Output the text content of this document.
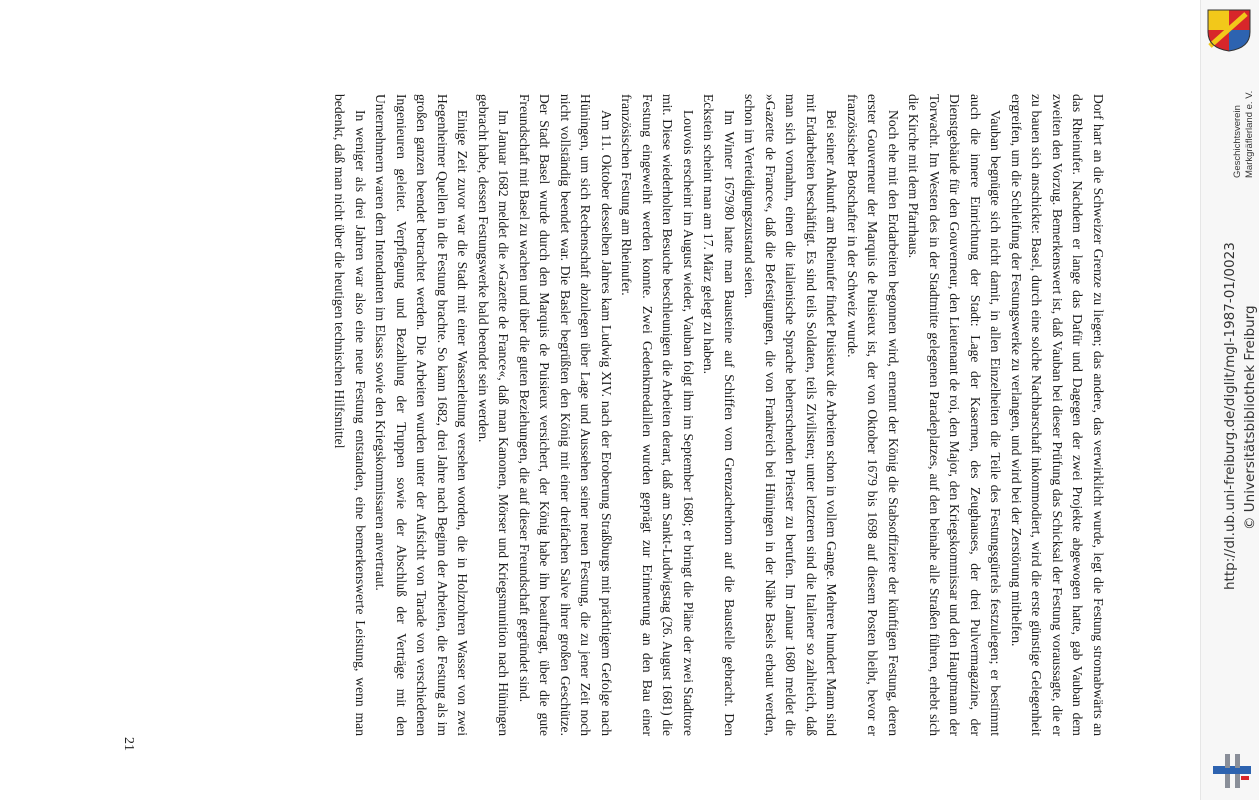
Dorf hart an die Schweizer Grenze zu liegen; das andere, das verwirklicht wurde, legt die Festung stromabwärts an das Rheinufer. Nachdem er lange das Dafür und Dagegen der zwei Projekte abgewogen hatte, gab Vauban dem zweiten den Vorzug. Bemerkenswert ist, daß Vauban bei dieser Prüfung das Schicksal der Festung voraussagte, die er zu bauen sich anschickte: Basel, durch eine solche Nachbarschaft inkommodiert, wird die erste günstige Gelegenheit ergreifen, um die Schleifung der Festungswerke zu verlangen, und wird bei der Zerstörung mithelfen.

Vauban begnügte sich nicht damit, in allen Einzelheiten die Teile des Festungsgürtels festzulegen; er bestimmt auch die innere Einrichtung der Stadt: Lage der Kasernen, des Zeughauses, der drei Pulvermagazine, der Dienstgebäude für den Gouverneur, den Lieutenant de roi, den Major, den Kriegskommissar und den Hauptmann der Torwacht. Im Westen des in der Stadtmitte gelegenen Paradeplatzes, auf den beinahe alle Straßen führen, erhebt sich die Kirche mit dem Pfarrhaus.

Noch ehe mit den Erdarbeiten begonnen wird, ernennt der König die Stabsoffiziere der künftigen Festung, deren erster Gouverneur der Marquis de Puisieux ist, der von Oktober 1679 bis 1698 auf diesem Posten bleibt, bevor er französischer Botschafter in der Schweiz wurde.

Bei seiner Ankunft am Rheinufer findet Puisieux die Arbeiten schon in vollem Gange. Mehrere hundert Mann sind mit Erdarbeiten beschäftigt. Es sind teils Soldaten, teils Zivilisten; unter letzteren sind die Italiener so zahlreich, daß man sich vornahm, einen die italienische Sprache beherrschenden Priester zu berufen. Im Januar 1680 meldet die »Gazette de France«, daß die Befestigungen, die von Frankreich bei Hüningen in der Nähe Basels erbaut werden, schon im Verteidigungszustand seien.

Im Winter 1679/80 hatte man Bausteine auf Schiffen vom Grenzacherhorn auf die Baustelle gebracht. Den Eckstein scheint man am 17. März gelegt zu haben.

Louvois erscheint im August wieder, Vauban folgt ihm im September 1680; er bringt die Pläne der zwei Stadttore mit. Diese wiederholten Besuche beschleunigen die Arbeiten derart, daß am Sankt-Ludwigstag (26. August 1681) die Festung eingeweiht werden konnte. Zwei Gedenkmedaillen wurden geprägt zur Erinnerung an den Bau einer französischen Festung am Rheinufer.

Am 11. Oktober desselben Jahres kam Ludwig XIV. nach der Eroberung Straßburgs mit prächtigem Gefolge nach Hüningen, um sich Rechenschaft abzulegen über Lage und Aussehen seiner neuen Festung, die zu jener Zeit noch nicht vollständig beendet war. Die Basler begrüßten den König mit einer dreifachen Salve ihrer großen Geschütze. Der Stadt Basel wurde durch den Marquis de Puisieux versichert, der König habe ihn beauftragt, über die gute Freundschaft mit Basel zu wachen und über die guten Beziehungen, die auf dieser Freundschaft gegründet sind.

Im Januar 1682 meldet die »Gazette de France«, daß man Kanonen, Mörser und Kriegsmunition nach Hüningen gebracht habe, dessen Festungswerke bald beendet sein werden.

Einige Zeit zuvor war die Stadt mit einer Wasserleitung versehen worden, die in Holzrohren Wasser von zwei Hegenheimer Quellen in die Festung brachte. So kann 1682, drei Jahre nach Beginn der Arbeiten, die Festung als im großen ganzen beendet betrachtet werden. Die Arbeiten wurden unter der Aufsicht von Tarade von verschiedenen Ingenieuren geleitet. Verpflegung und Bezahlung der Truppen sowie der Abschluß der Verträge mit den Unternehmern waren dem Intendanten im Elsass sowie den Kriegskommissaren anvertraut.

In weniger als drei Jahren war also eine neue Festung entstanden, eine bemerkenswerte Leistung, wenn man bedenkt, daß man nicht über die heutigen technischen Hilfsmittel

21
Geschichtsverein Markgräflerland e. V.
http://dl.ub.uni-freiburg.de/diglit/mgl-1987-01/0023 © Universitätsbibliothek Freiburg
